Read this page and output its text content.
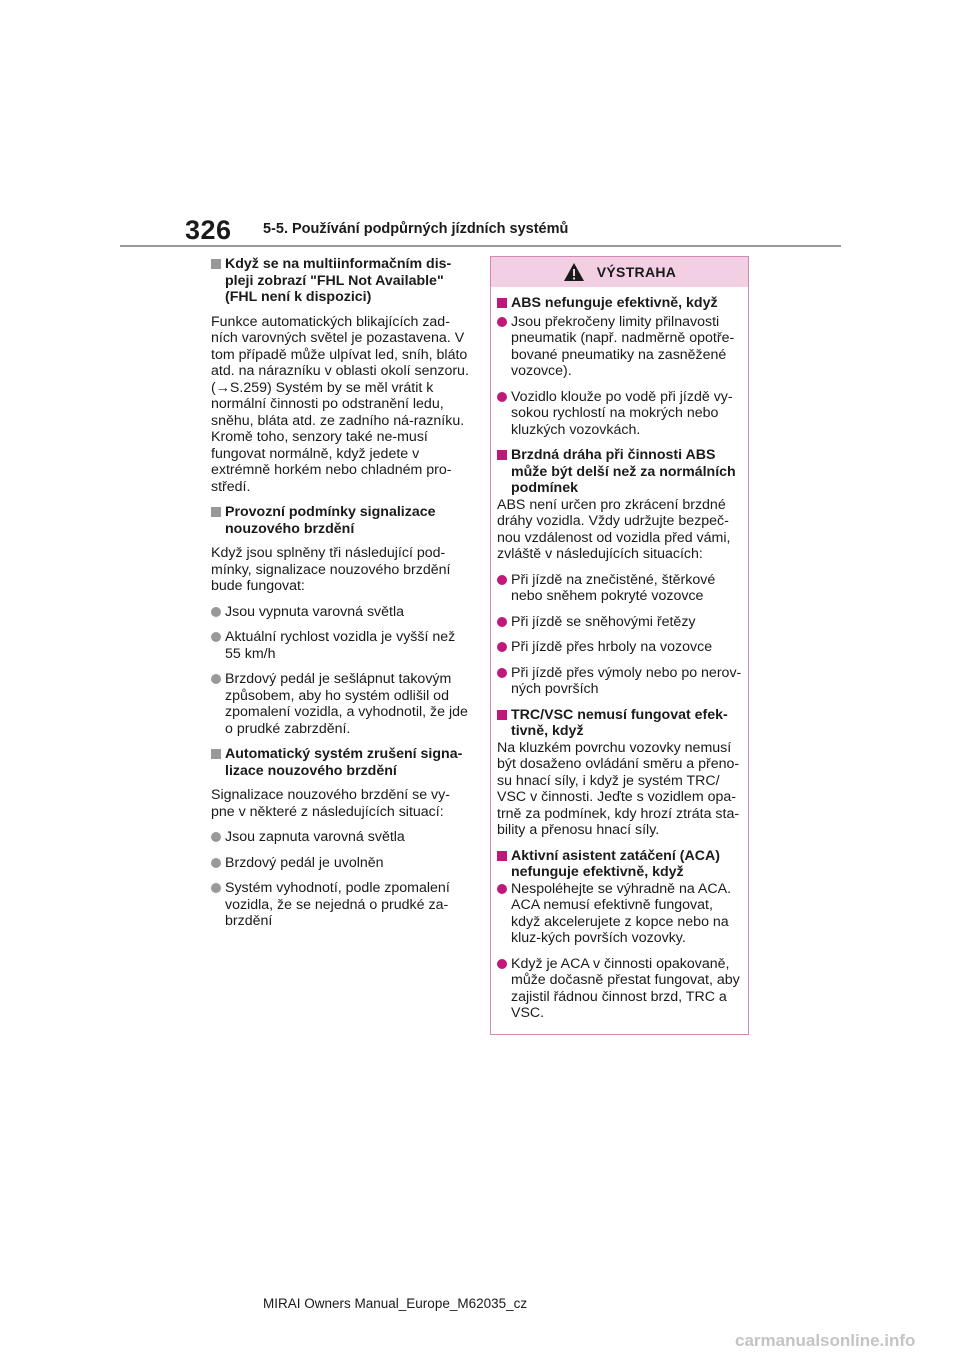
326 5-5. Používání podpůrných jízdních systémů
Když se na multiinformačním dis-pleji zobrazí "FHL Not Available" (FHL není k dispozici)

Funkce automatických blikajících zad-ních varovných světel je pozastavena. V tom případě může ulpívat led, sníh, bláto atd. na nárazníku v oblasti okolí senzoru. (→S.259) Systém by se měl vrátit k normální činnosti po odstranění ledu, sněhu, bláta atd. ze zadního ná-razníku. Kromě toho, senzory také ne-musí fungovat normálně, když jedete v extrémně horkém nebo chladném pro-středí.

Provozní podmínky signalizace nouzového brzdění

Když jsou splněny tři následující pod-mínky, signalizace nouzového brzdění bude fungovat:

Jsou vypnuta varovná světla
Aktuální rychlost vozidla je vyšší než 55 km/h
Brzdový pedál je sešlápnut takovým způsobem, aby ho systém odlišil od zpomalení vozidla, a vyhodnotil, že jde o prudké zabrzdění.
Automatický systém zrušení signa-lizace nouzového brzdění

Signalizace nouzového brzdění se vy-pne v některé z následujících situací:

Jsou zapnuta varovná světla
Brzdový pedál je uvolněn
Systém vyhodnotí, podle zpomalení vozidla, že se nejedná o prudké za-brzdění
VÝSTRAHA
ABS nefunguje efektivně, když
Jsou překročeny limity přilnavosti pneumatik (např. nadměrně opotře-bované pneumatiky na zasněžené vozovce).
Vozidlo klouže po vodě při jízdě vy-sokou rychlostí na mokrých nebo kluzkých vozovkách.
Brzdná dráha při činnosti ABS může být delší než za normálních podmínek

ABS není určen pro zkrácení brzdné dráhy vozidla. Vždy udržujte bezpeč-nou vzdálenost od vozidla před vámi, zvláště v následujících situacích:

Při jízdě na znečistěné, štěrkové nebo sněhem pokryté vozovce
Při jízdě se sněhovými řetězy
Při jízdě přes hrboly na vozovce
Při jízdě přes výmoly nebo po nerov-ných površích
TRC/VSC nemusí fungovat efek-tivně, když

Na kluzkém povrchu vozovky nemusí být dosaženo ovládání směru a přeno-su hnací síly, i když je systém TRC/ VSC v činnosti. Jeďte s vozidlem opa-trně za podmínek, kdy hrozí ztráta sta-bility a přenosu hnací síly.

Aktivní asistent zatáčení (ACA) nefunguje efektivně, když
Nespoléhejte se výhradně na ACA. ACA nemusí efektivně fungovat, když akcelerujete z kopce nebo na kluz-kých površích vozovky.
Když je ACA v činnosti opakovaně, může dočasně přestat fungovat, aby zajistil řádnou činnost brzd, TRC a VSC.
MIRAI Owners Manual_Europe_M62035_cz
carmanualsonline.info
